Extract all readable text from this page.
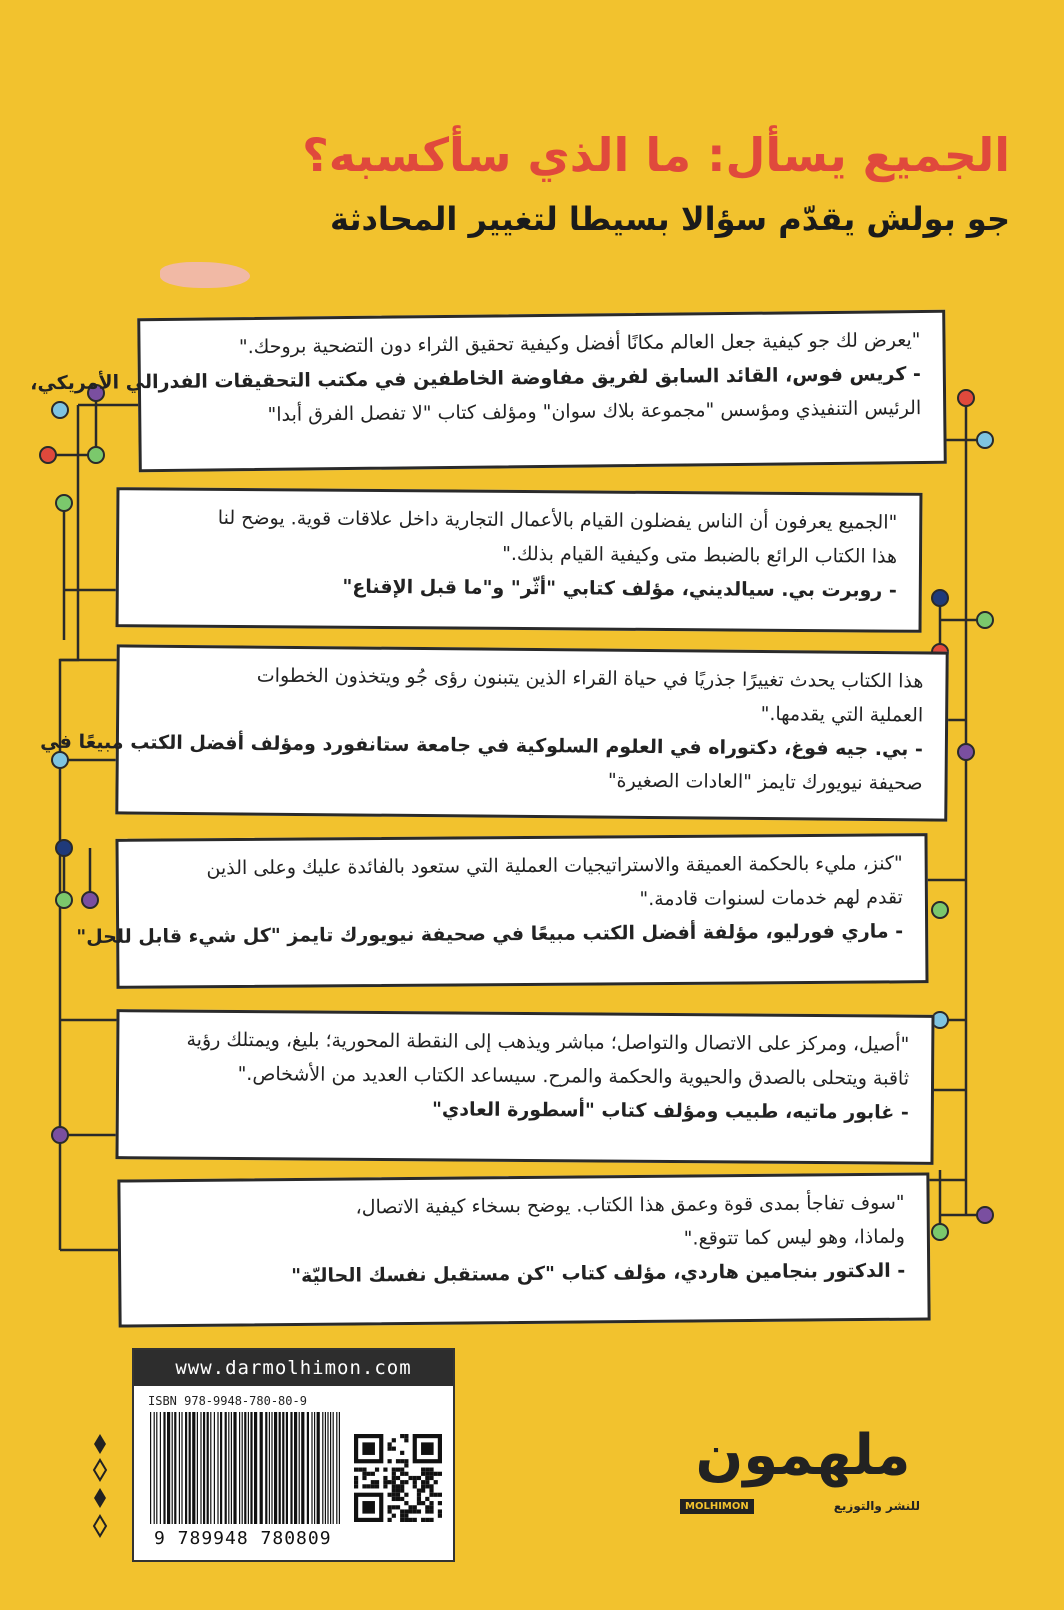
الجميع يسأل: ما الذي سأكسبه؟
جو بولش يقدّم سؤالا بسيطا لتغيير المحادثة

"يعرض لك جو كيفية جعل العالم مكانًا أفضل وكيفية تحقيق الثراء دون التضحية بروحك."

- كريس فوس، القائد السابق لفريق مفاوضة الخاطفين في مكتب التحقيقات الفدرالي الأمريكي،

الرئيس التنفيذي ومؤسس "مجموعة بلاك سوان" ومؤلف كتاب "لا تفصل الفرق أبدا"

"الجميع يعرفون أن الناس يفضلون القيام بالأعمال التجارية داخل علاقات قوية. يوضح لنا

هذا الكتاب الرائع بالضبط متى وكيفية القيام بذلك."

- روبرت بي. سيالديني، مؤلف كتابي "أثّر" و"ما قبل الإقناع"

هذا الكتاب يحدث تغييرًا جذريًا في حياة القراء الذين يتبنون رؤى جُو ويتخذون الخطوات

العملية التي يقدمها."

- بي. جيه فوغ، دكتوراه في العلوم السلوكية في جامعة ستانفورد ومؤلف أفضل الكتب مبيعًا في

صحيفة نيويورك تايمز "العادات الصغيرة"

"كنز، مليء بالحكمة العميقة والاستراتيجيات العملية التي ستعود بالفائدة عليك وعلى الذين

تقدم لهم خدمات لسنوات قادمة."

- ماري فورليو، مؤلفة أفضل الكتب مبيعًا في صحيفة نيويورك تايمز "كل شيء قابل للحل"

"أصيل، ومركز على الاتصال والتواصل؛ مباشر ويذهب إلى النقطة المحورية؛ بليغ، ويمتلك رؤية

ثاقبة ويتحلى بالصدق والحيوية والحكمة والمرح. سيساعد الكتاب العديد من الأشخاص."

- غابور ماتيه، طبيب ومؤلف كتاب "أسطورة العادي"

"سوف تفاجأ بمدى قوة وعمق هذا الكتاب. يوضح بسخاء كيفية الاتصال،

ولماذا، وهو ليس كما تتوقع."

- الدكتور بنجامين هاردي، مؤلف كتاب "كن مستقبل نفسك الحاليّة"

www.darmolhimon.com
ISBN 978-9948-780-80-9
9 789948 780809
ملهمون
MOLHIMON	للنشر والتوزيع
